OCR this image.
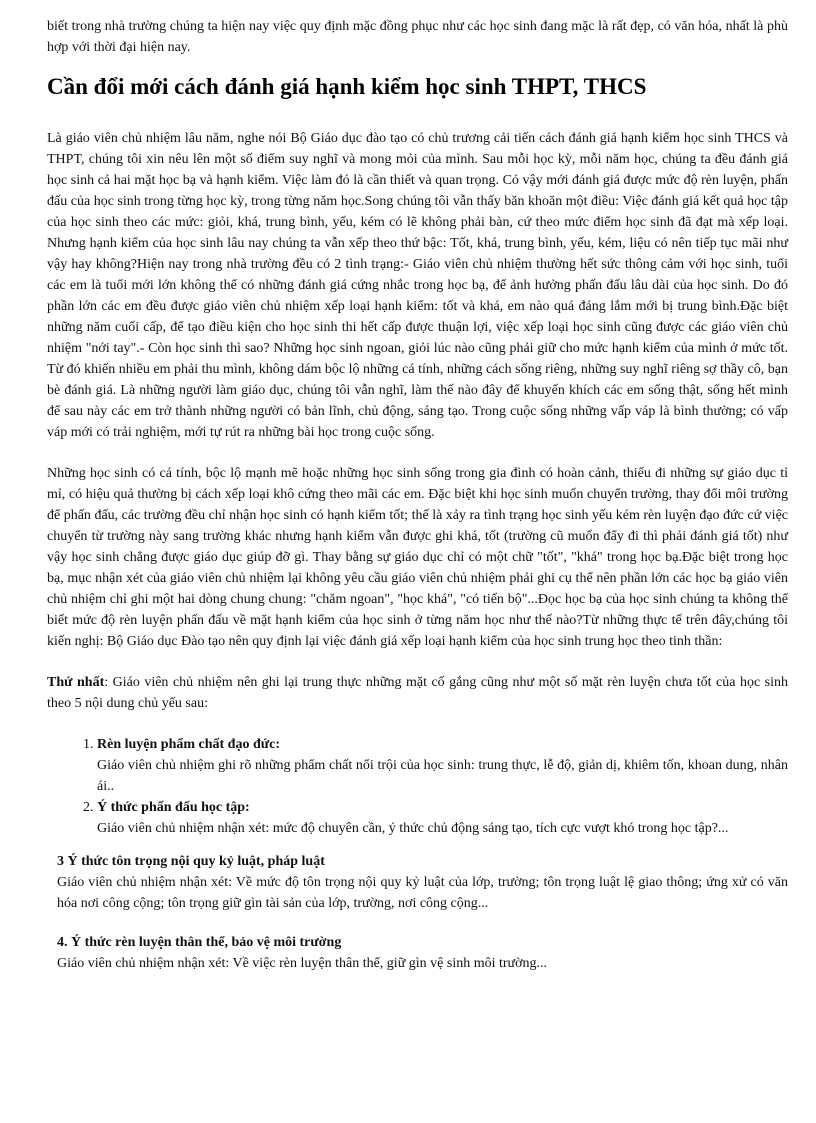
biết trong nhà trường chúng ta hiện nay việc quy định mặc đồng phục như các học sinh đang mặc là rất đẹp, có văn hóa, nhất là phù hợp với thời đại hiện nay.

Cần đổi mới cách đánh giá hạnh kiểm học sinh THPT, THCS

Là giáo viên chủ nhiệm lâu năm, nghe nói Bộ Giáo dục đào tạo có chủ trương cải tiến cách đánh giá hạnh kiểm học sinh THCS và THPT, chúng tôi xin nêu lên một số điểm suy nghĩ và mong mỏi của mình. Sau mỗi học kỳ, mỗi năm học, chúng ta đều đánh giá học sinh cả hai mặt học bạ và hạnh kiểm. Việc làm đó là cần thiết và quan trọng. Có vậy mới đánh giá được mức độ rèn luyện, phấn đấu của học sinh trong từng học kỳ, trong từng năm học.Song chúng tôi vẫn thấy băn khoăn một điều: Việc đánh giá kết quả học tập của học sinh theo các mức: giỏi, khá, trung bình, yếu, kém có lẽ không phải bàn, cứ theo mức điểm học sinh đã đạt mà xếp loại. Nhưng hạnh kiểm của học sinh lâu nay chúng ta vẫn xếp theo thứ bậc: Tốt, khá, trung bình, yếu, kém, liệu có nên tiếp tục mãi như vậy hay không?Hiện nay trong nhà trường đều có 2 tình trạng:- Giáo viên chủ nhiệm thường hết sức thông cảm với học sinh, tuổi các em là tuổi mới lớn không thể có những đánh giá cứng nhắc trong học bạ, để ảnh hưởng phấn đấu lâu dài của học sinh. Do đó phần lớn các em đều được giáo viên chủ nhiệm xếp loại hạnh kiểm: tốt và khá, em nào quá đáng lắm mới bị trung bình.Đặc biệt những năm cuối cấp, để tạo điều kiện cho học sinh thi hết cấp được thuận lợi, việc xếp loại học sinh cũng được các giáo viên chủ nhiệm "nới tay".- Còn học sinh thì sao? Những học sinh ngoan, giỏi lúc nào cũng phải giữ cho mức hạnh kiểm của mình ở mức tốt. Từ đó khiến nhiều em phải thu mình, không dám bộc lộ những cá tính, những cách sống riêng, những suy nghĩ riêng sợ thầy cô, bạn bè đánh giá. Là những người làm giáo dục, chúng tôi vẫn nghĩ, làm thế nào đây để khuyến khích các em sống thật, sống hết mình để sau này các em trở thành những người có bản lĩnh, chủ động, sáng tạo. Trong cuộc sống những vấp váp là bình thường; có vấp váp mới có trải nghiệm, mới tự rút ra những bài học trong cuộc sống.

Những học sinh có cá tính, bộc lộ mạnh mẽ hoặc những học sinh sống trong gia đình có hoàn cảnh, thiếu đi những sự giáo dục tỉ mỉ, có hiệu quả thường bị cách xếp loại khô cứng theo mãi các em. Đặc biệt khi học sinh muốn chuyển trường, thay đổi môi trường để phấn đấu, các trường đều chỉ nhận học sinh có hạnh kiểm tốt; thế là xảy ra tình trạng học sinh yếu kém rèn luyện đạo đức cứ việc chuyển từ trường này sang trường khác nhưng hạnh kiểm vẫn được ghi khá, tốt (trường cũ muốn đẩy đi thì phải đánh giá tốt) như vậy học sinh chẳng được giáo dục giúp đỡ gì. Thay bằng sự giáo dục chỉ có một chữ "tốt", "khá" trong học bạ.Đặc biệt trong học bạ, mục nhận xét của giáo viên chủ nhiệm lại không yêu cầu giáo viên chủ nhiệm phải ghi cụ thể nên phần lớn các học bạ giáo viên chủ nhiệm chỉ ghi một hai dòng chung chung: "chăm ngoan", "học khá", "có tiến bộ"...Đọc học bạ của học sinh chúng ta không thể biết mức độ rèn luyện phấn đấu về mặt hạnh kiểm của học sinh ở từng năm học như thế nào?Từ những thực tế trên đây,chúng tôi kiến nghị: Bộ Giáo dục Đào tạo nên quy định lại việc đánh giá xếp loại hạnh kiểm của học sinh trung học theo tinh thần:

Thứ nhất: Giáo viên chủ nhiệm nên ghi lại trung thực những mặt cố gắng cũng như một số mặt rèn luyện chưa tốt của học sinh theo 5 nội dung chủ yếu sau:

1. Rèn luyện phẩm chất đạo đức:
Giáo viên chủ nhiệm ghi rõ những phẩm chất nổi trội của học sinh: trung thực, lễ độ, giản dị, khiêm tốn, khoan dung, nhân ái..
2. Ý thức phấn đấu học tập:
Giáo viên chủ nhiệm nhận xét: mức độ chuyên cần, ý thức chủ động sáng tạo, tích cực vượt khó trong học tập?...
3 Ý thức tôn trọng nội quy kỷ luật, pháp luật
Giáo viên chủ nhiệm nhận xét: Về mức độ tôn trọng nội quy kỷ luật của lớp, trường; tôn trọng luật lệ giao thông; ứng xử có văn hóa nơi công cộng; tôn trọng giữ gìn tài sản của lớp, trường, nơi công cộng...
4. Ý thức rèn luyện thân thể, bảo vệ môi trường
Giáo viên chủ nhiệm nhận xét: Về việc rèn luyện thân thể, giữ gìn vệ sinh môi trường...
